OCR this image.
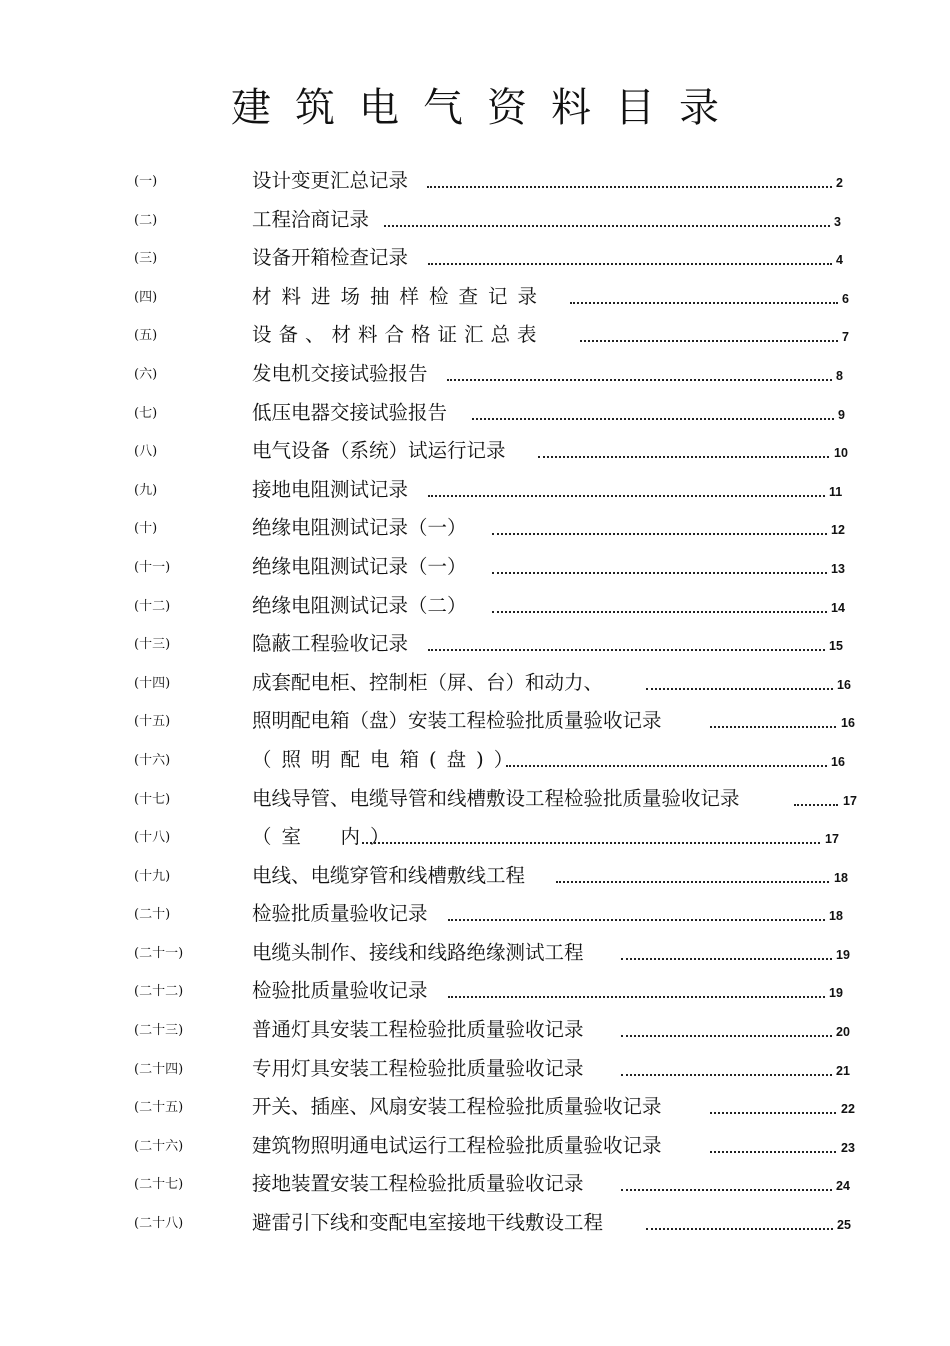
建筑电气资料目录
(一)	设计变更汇总记录	2
(二)	工程洽商记录	3
(三)	设备开箱检查记录	4
(四)	材料进场抽样检查记录	6
(五)	设备、材料合格证汇总表	7
(六)	发电机交接试验报告	8
(七)	低压电器交接试验报告	9
(八)	电气设备（系统）试运行记录	10
(九)	接地电阻测试记录	11
(十)	绝缘电阻测试记录（一）	12
(十一)	绝缘电阻测试记录（一）	13
(十二)	绝缘电阻测试记录（二）	14
(十三)	隐蔽工程验收记录	15
(十四)	成套配电柜、控制柜（屏、台）和动力、	16
(十五)	照明配电箱（盘）安装工程检验批质量验收记录	16
(十六)	（照明配电箱(盘)）	16
(十七)	电线导管、电缆导管和线槽敷设工程检验批质量验收记录	17
(十八)	（室　内）	17
(十九)	电线、电缆穿管和线槽敷线工程	18
(二十)	检验批质量验收记录	18
(二十一)	电缆头制作、接线和线路绝缘测试工程	19
(二十二)	检验批质量验收记录	19
(二十三)	普通灯具安装工程检验批质量验收记录	20
(二十四)	专用灯具安装工程检验批质量验收记录	21
(二十五)	开关、插座、风扇安装工程检验批质量验收记录	22
(二十六)	建筑物照明通电试运行工程检验批质量验收记录	23
(二十七)	接地装置安装工程检验批质量验收记录	24
(二十八)	避雷引下线和变配电室接地干线敷设工程	25
